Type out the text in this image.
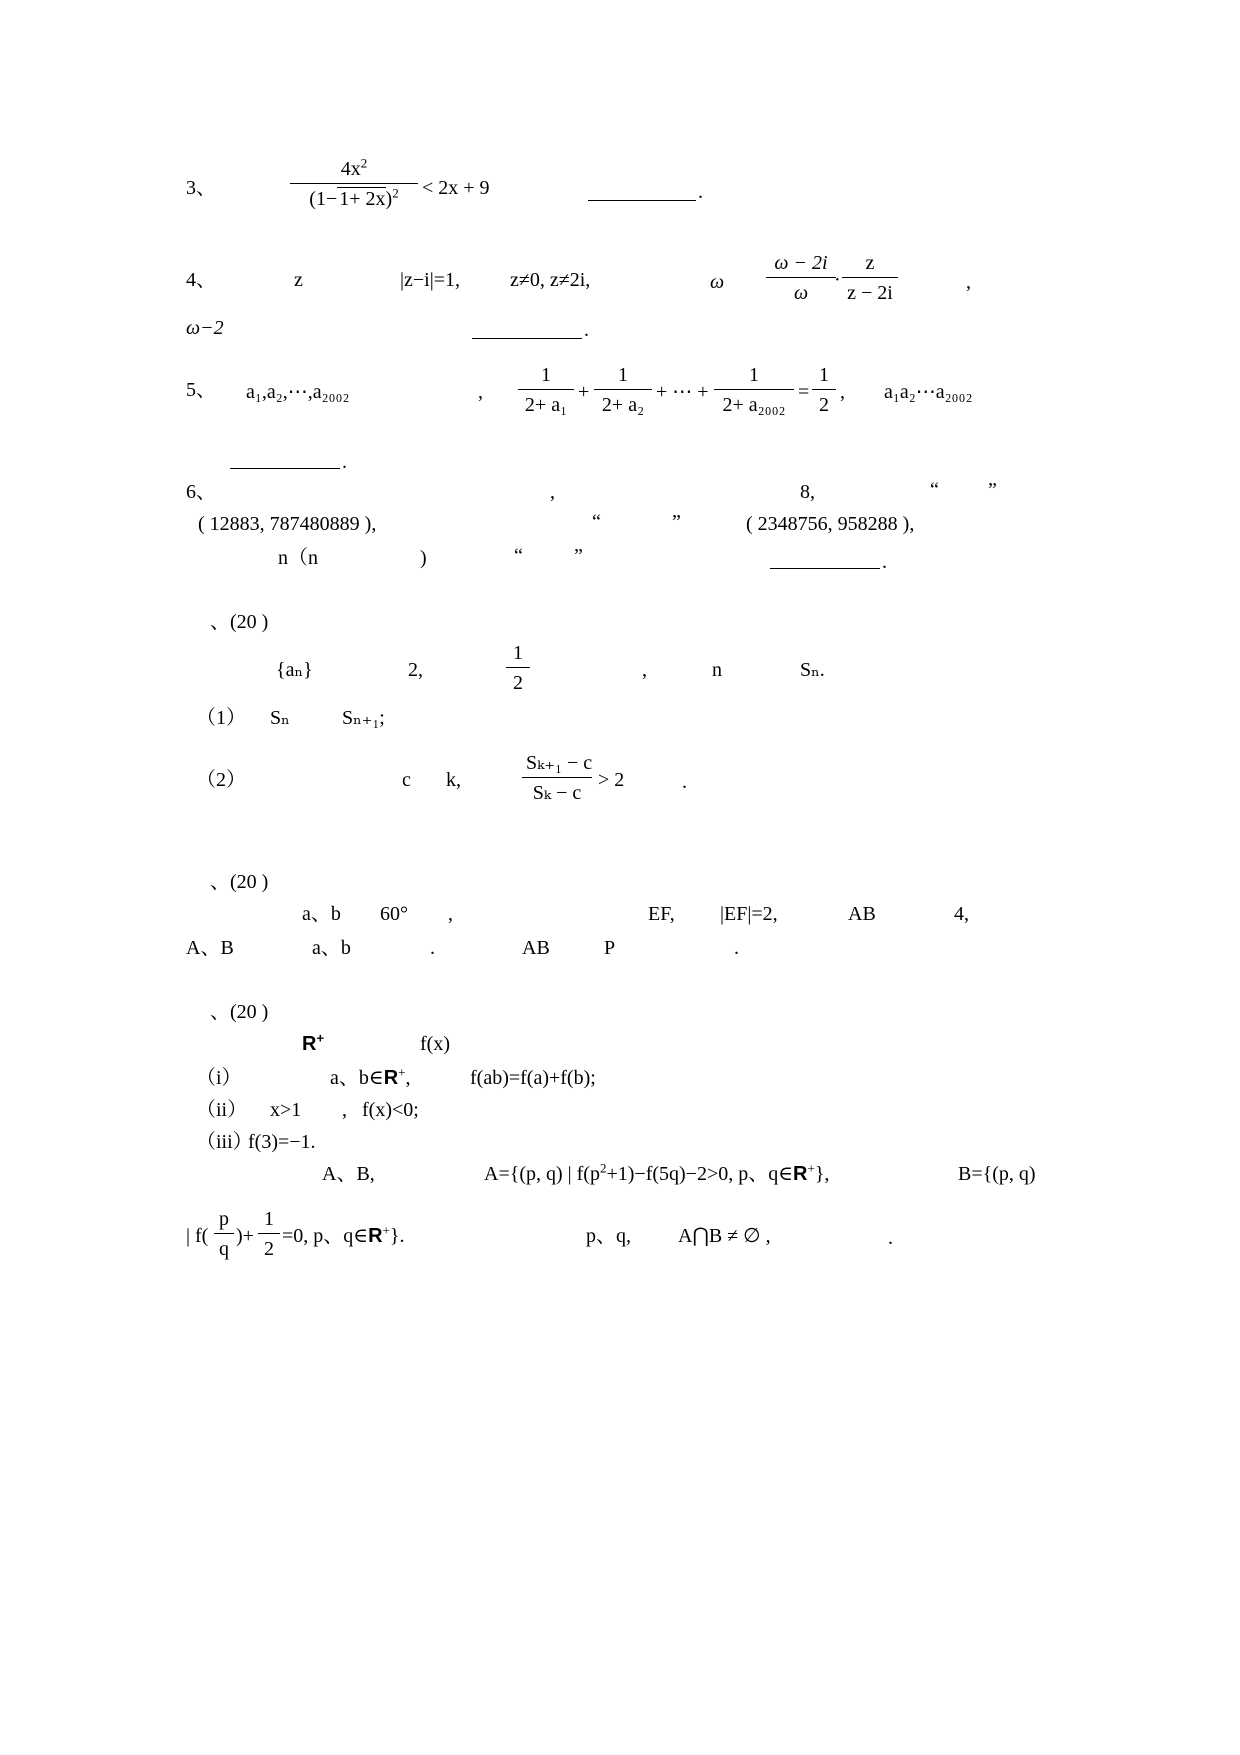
3、	$\frac{4x^2}{(1- 1+ 2x)^2} < 2x + 9$	.
4、	z	|z−i|=1,	z≠0, z≠2i,	ω $\frac{\omega - 2i}{\omega}$
· $\frac{z}{z - 2i}$	,
ω−2	.
5、 a₁,a₂,⋯,a₂₀₀₂	, $\frac{1}{\text{2+ a₁}} + \frac{1}{\text{2+ a₂}}$ + ⋯ + $\frac{1}{\text{2+ a₂₀₀₂}} = \frac{1}{2}$ , a₁a₂⋯a₂₀₀₂
.
6、	,	8,	“ ”
( 12883, 787480889 ),	“	”	( 2348756, 958288 ),
n（n	)	“	”	.
、(20 )
{aₙ}	2,	$\frac{1}{2}$	,	n	Sₙ.
（1） Sₙ	Sₙ₊₁;
（2）	c k,	$\frac{\text{Sₖ₊₁ − c}}{\text{Sₖ − c}} > 2$	.
、(20 )
a、b 60° ,	EF, |EF|=2,	AB	4,
A、B	a、b	.	AB	P	.
、(20 )
R+	f(x)
（i）	a、b∈R+,	f(ab)=f(a)+f(b);
（ii） x>1 , f(x)<0;
（iii）
f(3)=−1.
A、B,	A={(p, q) | $f(p^2+1)-f(5q)-2>0$, p、q∈R+},	B={(p, q)
| $f( \frac{p}{q}$ )+ $\frac{1}{2} =0$, p、q∈R+}.	p、q, A⋂B ≠ ∅ ,	.
